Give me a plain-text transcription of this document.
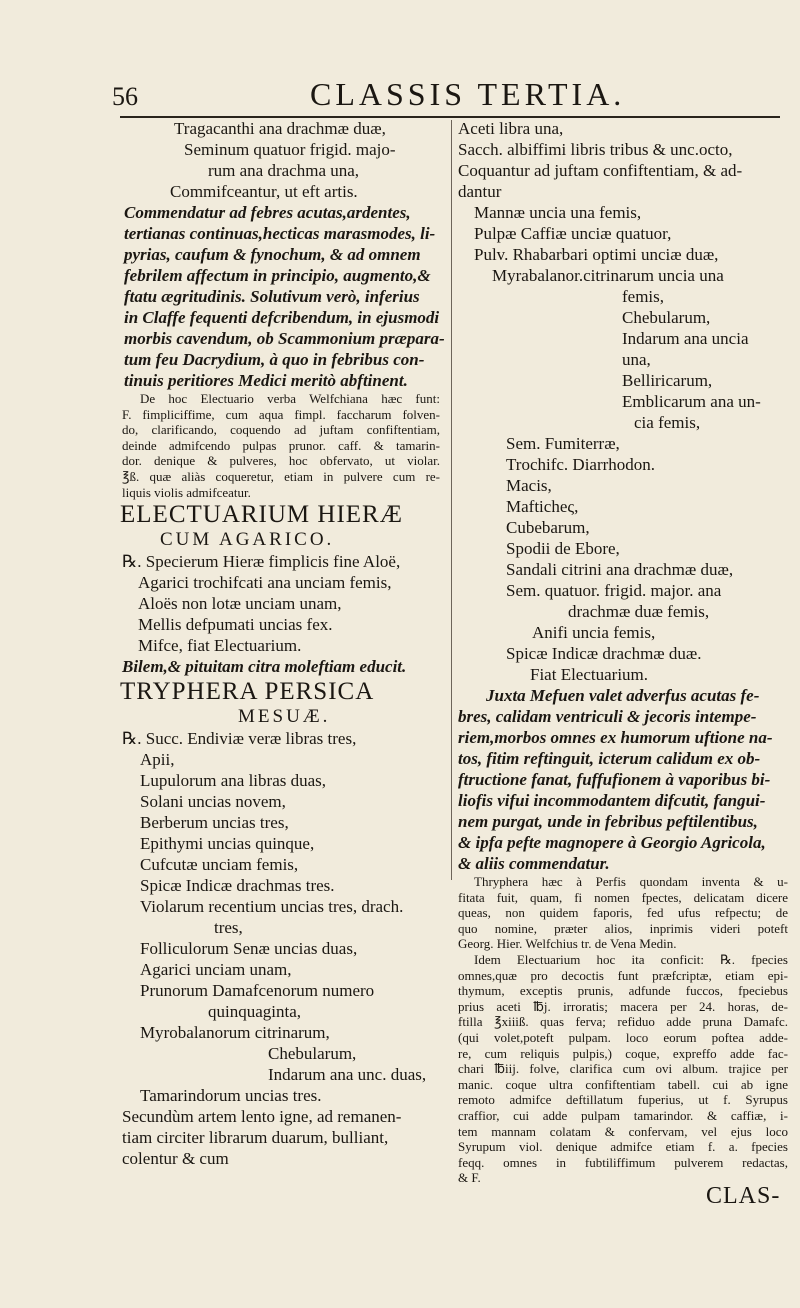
56	CLASSIS TERTIA.
Tragacanthi ana drachmæ duæ,
Seminum quatuor frigid. majo-
rum ana drachma una,
Commifceantur, ut eft artis.
Commendatur ad febres acutas,ardentes,
tertianas continuas,hecticas marasmodes, li-
pyrias, caufum & fynochum, & ad omnem
febrilem affectum in principio, augmento,&
ftatu ægritudinis. Solutivum verò, inferius
in Claffe fequenti defcribendum, in ejusmodi
morbis cavendum, ob Scammonium præpara-
tum feu Dacrydium, à quo in febribus con-
tinuis peritiores Medici meritò abftinent.
De hoc Electuario verba Welfchiana hæc funt:
F. fimpliciffime, cum aqua fimpl. faccharum folven-
do, clarificando, coquendo ad juftam confiftentiam,
deinde admifcendo pulpas prunor. caff. & tamarin-
dor. denique & pulveres, hoc obfervato, ut violar.
℥ß. quæ aliàs coqueretur, etiam in pulvere cum re-
liquis violis admifceatur.
ELECTUARIUM HIERÆ
CUM AGARICO.
℞. Specierum Hieræ fimplicis fine Aloë,
Agarici trochifcati ana unciam femis,
Aloës non lotæ unciam unam,
Mellis defpumati uncias fex.
Mifce, fiat Electuarium.
Bilem,& pituitam citra moleftiam educit.
TRYPHERA PERSICA
MESUÆ.
℞. Succ. Endiviæ veræ libras tres,
Apii,
Lupulorum ana libras duas,
Solani uncias novem,
Berberum uncias tres,
Epithymi uncias quinque,
Cufcutæ unciam femis,
Spicæ Indicæ drachmas tres.
Violarum recentium uncias tres, drach.
tres,
Folliculorum Senæ uncias duas,
Agarici unciam unam,
Prunorum Damafcenorum numero
quinquaginta,
Myrobalanorum citrinarum,
Chebularum,
Indarum ana unc. duas,
Tamarindorum uncias tres.
Secundùm artem lento igne, ad remanen-
tiam circiter librarum duarum, bulliant,
colentur & cum
Aceti libra una,
Sacch. albiffimi libris tribus & unc.octo,
Coquantur ad juftam confiftentiam, & ad-
dantur
Mannæ uncia una femis,
Pulpæ Caffiæ unciæ quatuor,
Pulv. Rhabarbari optimi unciæ duæ,
Myrabalanor.citrinarum uncia una
femis,
Chebularum,
Indarum ana uncia
una,
Belliricarum,
Emblicarum ana un-
cia femis,
Sem. Fumiterræ,
Trochifc. Diarrhodon.
Macis,
Mafticheς,
Cubebarum,
Spodii de Ebore,
Sandali citrini ana drachmæ duæ,
Sem. quatuor. frigid. major. ana
drachmæ duæ femis,
Anifi uncia femis,
Spicæ Indicæ drachmæ duæ.
Fiat Electuarium.
Juxta Mefuen valet adverfus acutas fe-
bres, calidam ventriculi & jecoris intempe-
riem,morbos omnes ex humorum uftione na-
tos, fitim reftinguit, icterum calidum ex ob-
ftructione fanat, fuffufionem à vaporibus bi-
liofis vifui incommodantem difcutit, fangui-
nem purgat, unde in febribus peftilentibus,
& ipfa pefte magnopere à Georgio Agricola,
& aliis commendatur.
Thryphera hæc à Perfis quondam inventa & u-
fitata fuit, quam, fi nomen fpectes, delicatam dicere
queas, non quidem faporis, fed ufus refpectu; de
quo nomine, præter alios, inprimis videri poteft
Georg. Hier. Welfchius tr. de Vena Medin.
Idem Electuarium hoc ita conficit: ℞. fpecies
omnes,quæ pro decoctis funt præfcriptæ, etiam epi-
thymum, exceptis prunis, adfunde fuccos, fpeciebus
prius aceti ℔j. irroratis; macera per 24. horas, de-
ftilla ℥xiiiß. quas ferva; refiduo adde pruna Damafc.
(qui volet,poteft pulpam. loco eorum poftea adde-
re, cum reliquis pulpis,) coque, expreffo adde fac-
chari ℔iij. folve, clarifica cum ovi album. trajice per
manic. coque ultra confiftentiam tabell. cui ab igne
remoto admifce deftillatum fuperius, ut f. Syrupus
craffior, cui adde pulpam tamarindor. & caffiæ, i-
tem mannam colatam & confervam, vel ejus loco
Syrupum viol. denique admifce etiam f. a. fpecies
feqq. omnes in fubtiliffimum pulverem redactas,
& F.
CLAS-
